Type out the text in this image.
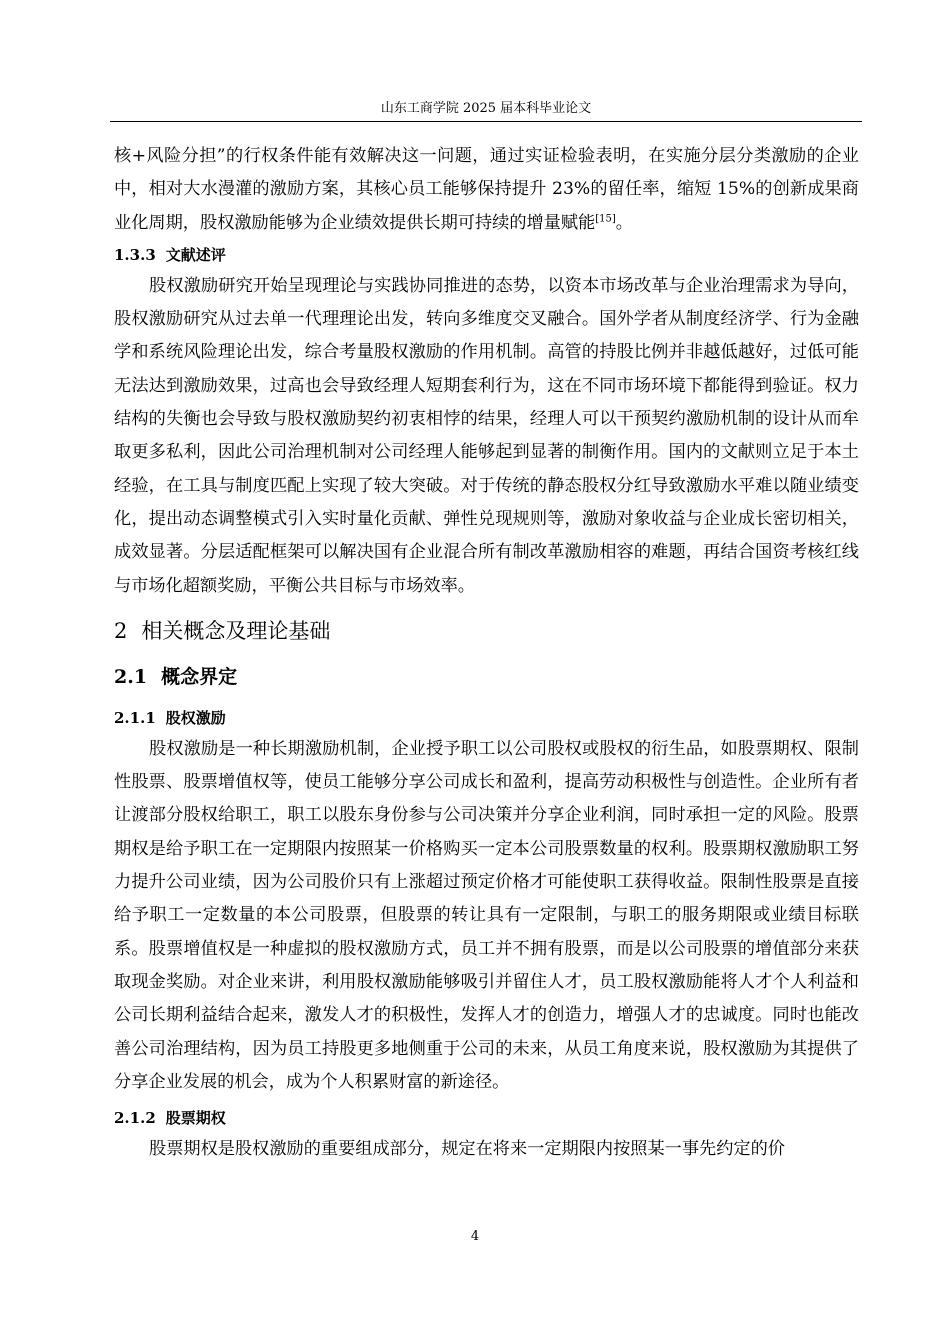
山东工商学院 2025 届本科毕业论文

核+风险分担”的行权条件能有效解决这一问题，通过实证检验表明，在实施分层分类激励的企业中，相对大水漫灌的激励方案，其核心员工能够保持提升 23%的留任率，缩短 15%的创新成果商业化周期，股权激励能够为企业绩效提供长期可持续的增量赋能[15]。

1.3.3 文献述评

股权激励研究开始呈现理论与实践协同推进的态势，以资本市场改革与企业治理需求为导向，股权激励研究从过去单一代理理论出发，转向多维度交叉融合。国外学者从制度经济学、行为金融学和系统风险理论出发，综合考量股权激励的作用机制。高管的持股比例并非越低越好，过低可能无法达到激励效果，过高也会导致经理人短期套利行为，这在不同市场环境下都能得到验证。权力结构的失衡也会导致与股权激励契约初衷相悖的结果，经理人可以干预契约激励机制的设计从而牟取更多私利，因此公司治理机制对公司经理人能够起到显著的制衡作用。国内的文献则立足于本土经验，在工具与制度匹配上实现了较大突破。对于传统的静态股权分红导致激励水平难以随业绩变化，提出动态调整模式引入实时量化贡献、弹性兑现规则等，激励对象收益与企业成长密切相关，成效显著。分层适配框架可以解决国有企业混合所有制改革激励相容的难题，再结合国资考核红线与市场化超额奖励，平衡公共目标与市场效率。

2 相关概念及理论基础
2.1 概念界定
2.1.1 股权激励

股权激励是一种长期激励机制，企业授予职工以公司股权或股权的衍生品，如股票期权、限制性股票、股票增值权等，使员工能够分享公司成长和盈利，提高劳动积极性与创造性。企业所有者让渡部分股权给职工，职工以股东身份参与公司决策并分享企业利润，同时承担一定的风险。股票期权是给予职工在一定期限内按照某一价格购买一定本公司股票数量的权利。股票期权激励职工努力提升公司业绩，因为公司股价只有上涨超过预定价格才可能使职工获得收益。限制性股票是直接给予职工一定数量的本公司股票，但股票的转让具有一定限制，与职工的服务期限或业绩目标联系。股票增值权是一种虚拟的股权激励方式，员工并不拥有股票，而是以公司股票的增值部分来获取现金奖励。对企业来讲，利用股权激励能够吸引并留住人才，员工股权激励能将人才个人利益和公司长期利益结合起来，激发人才的积极性，发挥人才的创造力，增强人才的忠诚度。同时也能改善公司治理结构，因为员工持股更多地侧重于公司的未来，从员工角度来说，股权激励为其提供了分享企业发展的机会，成为个人积累财富的新途径。

2.1.2 股票期权

股票期权是股权激励的重要组成部分，规定在将来一定期限内按照某一事先约定的价

4
